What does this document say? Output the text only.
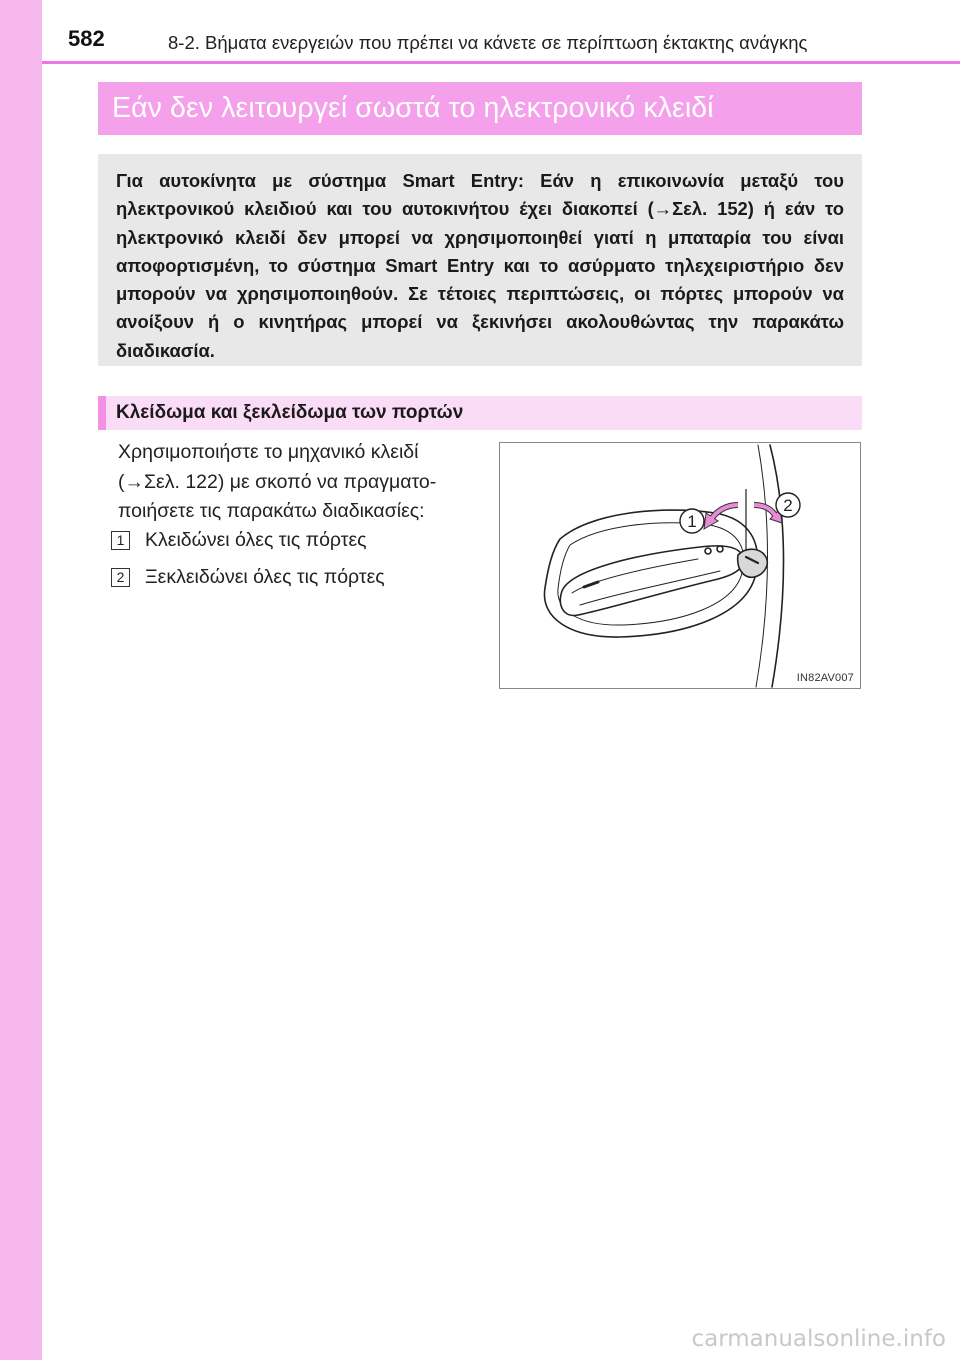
582	8-2. Βήματα ενεργειών που πρέπει να κάνετε σε περίπτωση έκτακτης ανάγκης
Εάν δεν λειτουργεί σωστά το ηλεκτρονικό κλειδί

Για αυτοκίνητα με σύστημα Smart Entry: Εάν η επικοινωνία μεταξύ του ηλεκτρονικού κλειδιού και του αυτοκινήτου έχει διακοπεί (→Σελ. 152) ή εάν το ηλεκτρονικό κλειδί δεν μπορεί να χρησιμοποιηθεί γιατί η μπαταρία του είναι αποφορτισμένη, το σύστημα Smart Entry και το ασύρματο τηλεχειριστήριο δεν μπορούν να χρησιμοποιηθούν. Σε τέτοιες περιπτώσεις, οι πόρτες μπορούν να ανοίξουν ή ο κινητήρας μπορεί να ξεκινήσει ακολουθώντας την παρακάτω διαδικασία.

Κλείδωμα και ξεκλείδωμα των πορτών
Χρησιμοποιήστε το μηχανικό κλειδί
(→Σελ. 122) με σκοπό να πραγματο-
ποιήσετε τις παρακάτω διαδικασίες:
1 Κλειδώνει όλες τις πόρτες
2 Ξεκλειδώνει όλες τις πόρτες
1
2
IN82AV007
carmanualsonline.info
